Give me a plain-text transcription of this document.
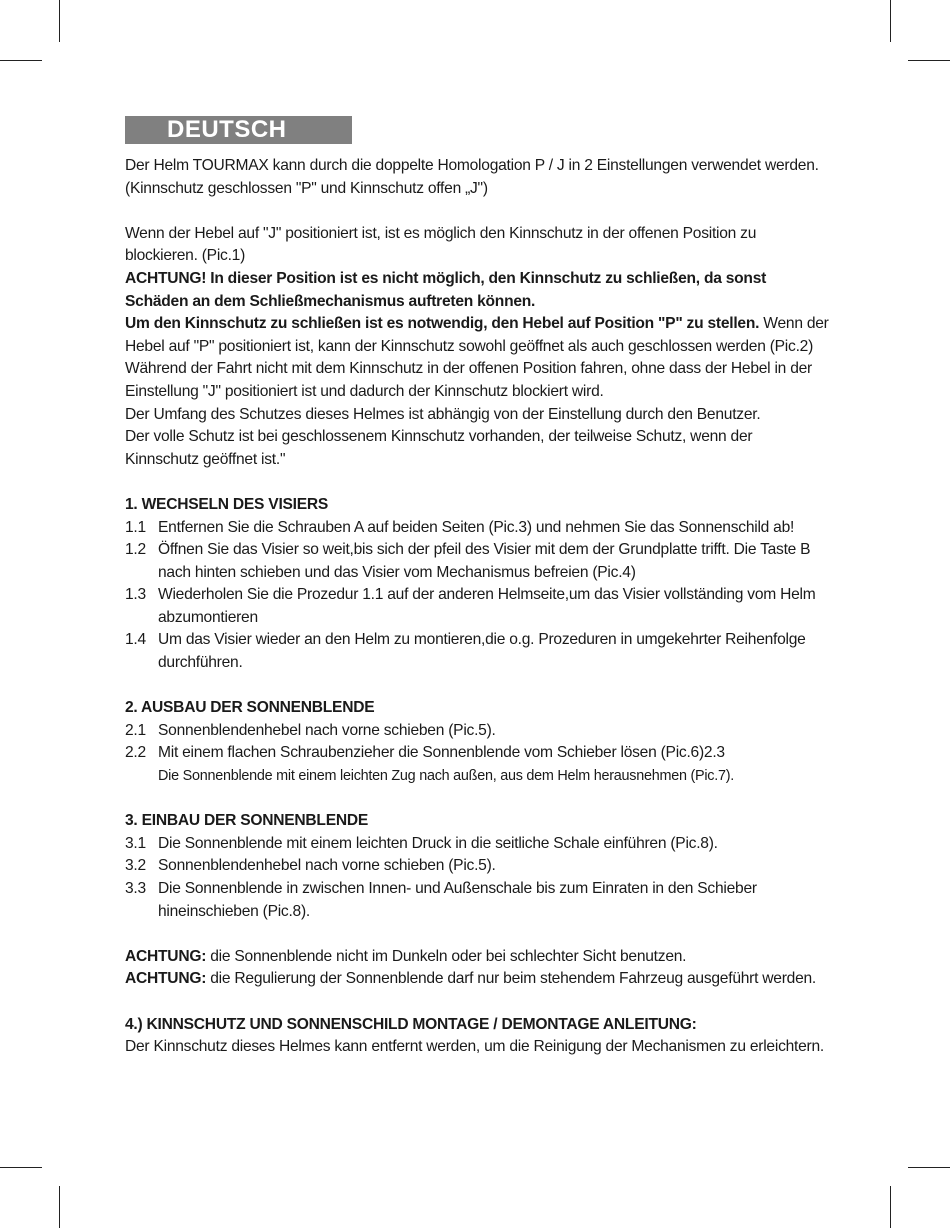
DEUTSCH

Der Helm TOURMAX kann durch die doppelte Homologation P / J in 2 Einstellungen verwendet werden. (Kinnschutz geschlossen "P" und Kinnschutz offen „J")

Wenn der Hebel auf "J" positioniert ist, ist es möglich den Kinnschutz in der offenen Position zu blockieren. (Pic.1)

ACHTUNG! In dieser Position ist es nicht möglich, den Kinnschutz zu schließen, da sonst Schäden an dem Schließmechanismus auftreten können.

Um den Kinnschutz zu schließen ist es notwendig, den Hebel auf Position "P" zu stellen. Wenn der Hebel auf "P" positioniert ist, kann der Kinnschutz sowohl geöffnet als auch geschlossen werden (Pic.2)

Während der Fahrt nicht mit dem Kinnschutz in der offenen Position fahren, ohne dass der Hebel in der Einstellung "J" positioniert ist und dadurch der Kinnschutz blockiert wird.

Der Umfang des Schutzes dieses Helmes ist abhängig von der Einstellung durch den Benutzer.

Der volle Schutz ist bei geschlossenem Kinnschutz vorhanden, der teilweise Schutz, wenn der Kinnschutz geöffnet ist."

1. WECHSELN DES VISIERS
1.1 Entfernen Sie die Schrauben A auf beiden Seiten (Pic.3) und nehmen Sie das Sonnenschild ab!
1.2 Öffnen Sie das Visier so weit,bis sich der pfeil des Visier mit dem der Grundplatte trifft. Die Taste B nach hinten schieben und das Visier vom Mechanismus befreien (Pic.4)
1.3 Wiederholen Sie die Prozedur 1.1 auf der anderen Helmseite,um das Visier vollständing vom Helm abzumontieren
1.4 Um das Visier wieder an den Helm zu montieren,die o.g. Prozeduren in umgekehrter Reihenfolge durchführen.
2. AUSBAU DER SONNENBLENDE
2.1 Sonnenblendenhebel nach vorne schieben (Pic.5).
2.2 Mit einem flachen Schraubenzieher die Sonnenblende vom Schieber lösen (Pic.6)2.3
Die Sonnenblende mit einem leichten Zug nach außen, aus dem Helm herausnehmen (Pic.7).
3. EINBAU DER SONNENBLENDE
3.1 Die Sonnenblende mit einem leichten Druck in die seitliche Schale einführen (Pic.8).
3.2 Sonnenblendenhebel nach vorne schieben (Pic.5).
3.3 Die Sonnenblende in zwischen Innen- und Außenschale bis zum Einraten in den Schieber hineinschieben (Pic.8).

ACHTUNG: die Sonnenblende nicht im Dunkeln oder bei schlechter Sicht benutzen.

ACHTUNG: die Regulierung der Sonnenblende darf nur beim stehendem Fahrzeug ausgeführt werden.

4.) KINNSCHUTZ UND SONNENSCHILD MONTAGE / DEMONTAGE ANLEITUNG:

Der Kinnschutz dieses Helmes kann entfernt werden, um die Reinigung der Mechanismen zu erleichtern.
